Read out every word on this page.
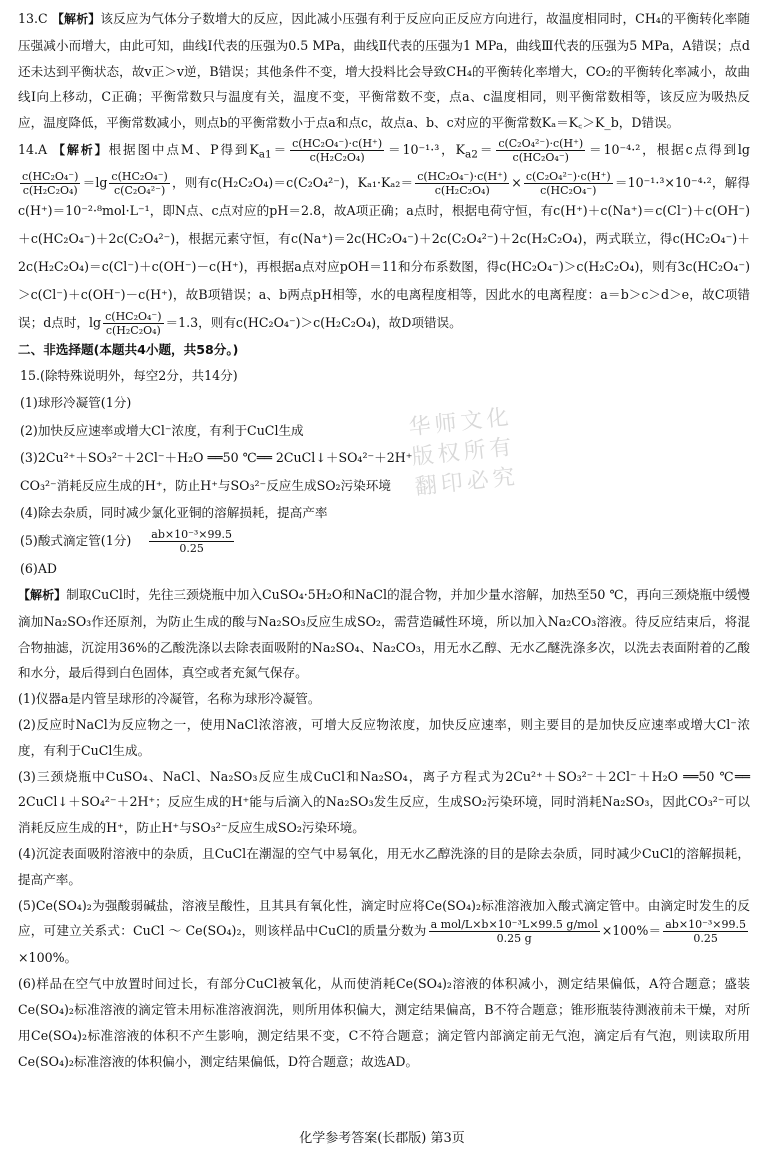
13.C 【解析】该反应为气体分子数增大的反应，因此减小压强有利于反应向正反应方向进行，故温度相同时，CH₄的平衡转化率随压强减小而增大，由此可知，曲线Ⅰ代表的压强为0.5 MPa，曲线Ⅱ代表的压强为1 MPa，曲线Ⅲ代表的压强为5 MPa，A错误；点d还未达到平衡状态，故v正＞v逆，B错误；其他条件不变，增大投料比会导致CH₄的平衡转化率增大，CO₂的平衡转化率减小，故曲线Ⅰ向上移动，C正确；平衡常数只与温度有关，温度不变，平衡常数不变，点a、c温度相同，则平衡常数相等，该反应为吸热反应，温度降低，平衡常数减小，则点b的平衡常数小于点a和点c，故点a、b、c对应的平衡常数Kₐ＝K꜀＞K_b，D错误。

14.A 【解析】根据图中点M、P得到$K_{a1}= \frac{\text{c(HC₂O₄⁻)·c(H⁺)}}{\text{c(H₂C₂O₄)}} =10^{-1}\cdot^3$，$K_{a2}= \frac{\text{c(C₂O₄²⁻)·c(H⁺)}}{\text{c(HC₂O₄⁻)}} =10^{-4}\cdot^2$，根据c点得到lg
$\frac{\text{c(HC₂O₄⁻)}}{\text{c(H₂C₂O₄)}} =\lg \frac{\text{c(HC₂O₄⁻)}}{\text{c(C₂O₄²⁻)}}$ ，则有c(H₂C₂O₄)＝c(C₂O₄²⁻)，$K_{a1}\cdot K_{a2}= \frac{\text{c(HC₂O₄⁻)·c(H⁺)}}{\text{c(H₂C₂O₄)}} \times \frac{\text{c(C₂O₄²⁻)·c(H⁺)}}{\text{c(HC₂O₄⁻)}} =10^{-1}\cdot^3\times 10^{-4}\cdot^2$，解得c(H⁺)＝10⁻²·⁸mol·L⁻¹，即N点、c点对应的pH＝2.8，故A项正确；a点时，根据电荷守恒，有c(H⁺)＋c(Na⁺)＝c(Cl⁻)＋c(OH⁻)＋c(HC₂O₄⁻)＋2c(C₂O₄²⁻)，根据元素守恒，有c(Na⁺)＝2c(HC₂O₄⁻)＋2c(C₂O₄²⁻)＋2c(H₂C₂O₄)，两式联立，得c(HC₂O₄⁻)＋2c(H₂C₂O₄)＝c(Cl⁻)＋c(OH⁻)－c(H⁺)，再根据a点对应pOH＝11和分布系数图，得c(HC₂O₄⁻)＞c(H₂C₂O₄)，则有3c(HC₂O₄⁻)＞c(Cl⁻)＋c(OH⁻)－c(H⁺)，故B项错误；a、b两点pH相等，水的电离程度相等，因此水的电离程度：a＝b＞c＞d＞e，故C项错误；d点时，$\lg \frac{\text{c(HC₂O₄⁻)}}{\text{c(H₂C₂O₄)}} =1.3$，则有c(HC₂O₄⁻)＞c(H₂C₂O₄)，故D项错误。

二、非选择题(本题共4小题，共58分。)
15.(除特殊说明外，每空2分，共14分)
(1)球形冷凝管(1分)
(2)加快反应速率或增大Cl⁻浓度，有利于CuCl生成
(3)2Cu²⁺＋SO₃²⁻＋2Cl⁻＋H₂O ══50 ℃══ 2CuCl↓＋SO₄²⁻＋2H⁺
CO₃²⁻消耗反应生成的H⁺，防止H⁺与SO₃²⁻反应生成SO₂污染环境
(4)除去杂质，同时减少氯化亚铜的溶解损耗，提高产率
(5)酸式滴定管(1分) $\frac{\text{ab×10⁻³×99.5}}{0.25}$
(6)AD

【解析】制取CuCl时，先往三颈烧瓶中加入CuSO₄·5H₂O和NaCl的混合物，并加少量水溶解，加热至50 ℃，再向三颈烧瓶中缓慢滴加Na₂SO₃作还原剂，为防止生成的酸与Na₂SO₃反应生成SO₂，需营造碱性环境，所以加入Na₂CO₃溶液。待反应结束后，将混合物抽滤，沉淀用36%的乙酸洗涤以去除表面吸附的Na₂SO₄、Na₂CO₃，用无水乙醇、无水乙醚洗涤多次，以洗去表面附着的乙酸和水分，最后得到白色固体，真空或者充氮气保存。

(1)仪器a是内管呈球形的冷凝管，名称为球形冷凝管。

(2)反应时NaCl为反应物之一，使用NaCl浓溶液，可增大反应物浓度，加快反应速率，则主要目的是加快反应速率或增大Cl⁻浓度，有利于CuCl生成。

(3)三颈烧瓶中CuSO₄、NaCl、Na₂SO₃反应生成CuCl和Na₂SO₄，离子方程式为2Cu²⁺＋SO₃²⁻＋2Cl⁻＋H₂O ══50 ℃══ 2CuCl↓＋SO₄²⁻＋2H⁺；反应生成的H⁺能与后滴入的Na₂SO₃发生反应，生成SO₂污染环境，同时消耗Na₂SO₃，因此CO₃²⁻可以消耗反应生成的H⁺，防止H⁺与SO₃²⁻反应生成SO₂污染环境。

(4)沉淀表面吸附溶液中的杂质，且CuCl在潮湿的空气中易氧化，用无水乙醇洗涤的目的是除去杂质，同时减少CuCl的溶解损耗，提高产率。

(5)Ce(SO₄)₂为强酸弱碱盐，溶液呈酸性，且其具有氧化性，滴定时应将Ce(SO₄)₂标准溶液加入酸式滴定管中。由滴定时发生的反应，可建立关系式：CuCl ～ Ce(SO₄)₂，则该样品中CuCl的质量分数为 $\frac{\text{a mol/L×b×10⁻³L×99.5 g/mol}}{0.25 g} \times 100\%= \frac{\text{ab×10⁻³×99.5}}{0.25}$
×100%。

(6)样品在空气中放置时间过长，有部分CuCl被氧化，从而使消耗Ce(SO₄)₂溶液的体积减小，测定结果偏低，A符合题意；盛装Ce(SO₄)₂标准溶液的滴定管未用标准溶液润洗，则所用体积偏大，测定结果偏高，B不符合题意；锥形瓶装待测液前未干燥，对所用Ce(SO₄)₂标准溶液的体积不产生影响，测定结果不变，C不符合题意；滴定管内部滴定前无气泡，滴定后有气泡，则读取所用Ce(SO₄)₂标准溶液的体积偏小，测定结果偏低，D符合题意；故选AD。

华师文化
版权所有
翻印必究
化学参考答案(长郡版) 第3页
